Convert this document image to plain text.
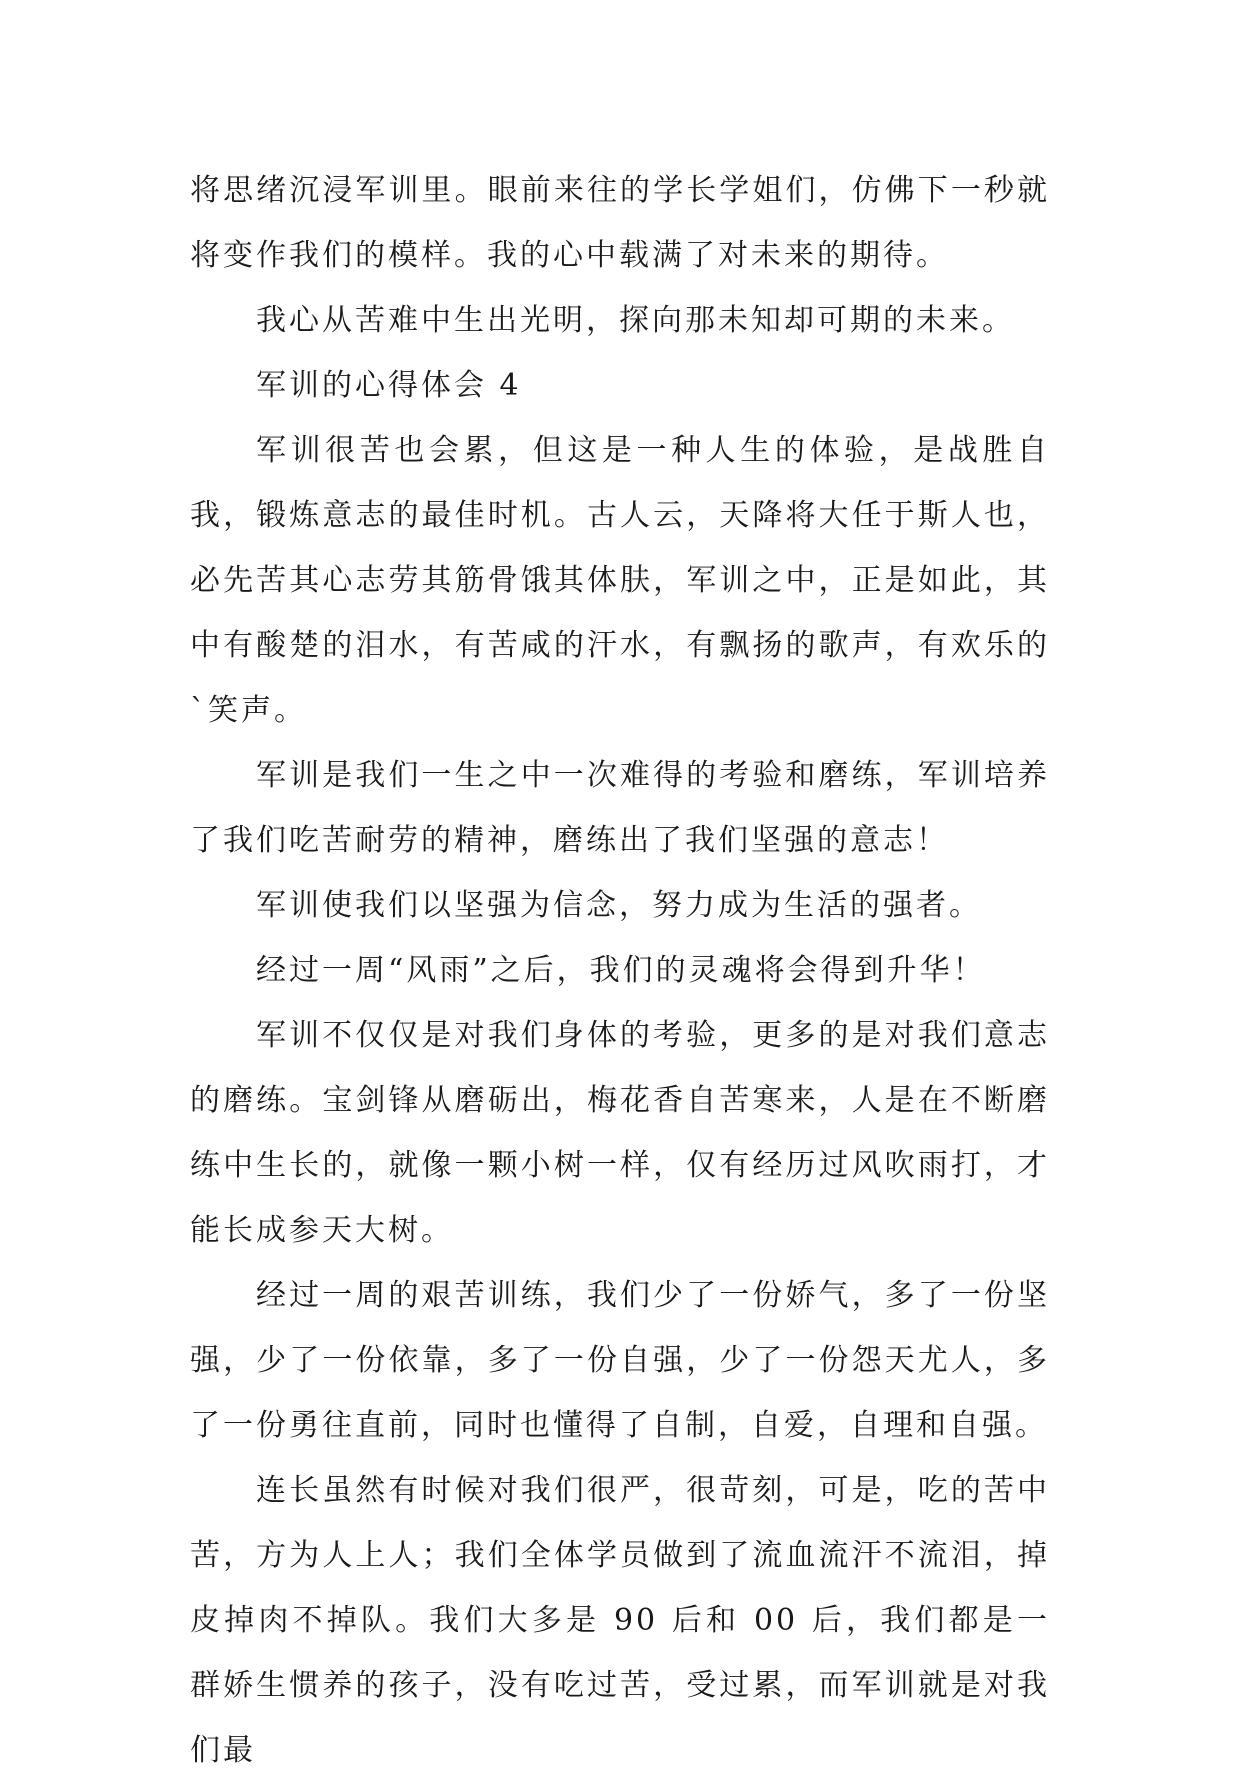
将思绪沉浸军训里。眼前来往的学长学姐们，仿佛下一秒就将变作我们的模样。我的心中载满了对未来的期待。

我心从苦难中生出光明，探向那未知却可期的未来。

军训的心得体会 4

军训很苦也会累，但这是一种人生的体验，是战胜自我，锻炼意志的最佳时机。古人云，天降将大任于斯人也，必先苦其心志劳其筋骨饿其体肤，军训之中，正是如此，其中有酸楚的泪水，有苦咸的汗水，有飘扬的歌声，有欢乐的`笑声。

军训是我们一生之中一次难得的考验和磨练，军训培养了我们吃苦耐劳的精神，磨练出了我们坚强的意志！

军训使我们以坚强为信念，努力成为生活的强者。

经过一周“风雨”之后，我们的灵魂将会得到升华！

军训不仅仅是对我们身体的考验，更多的是对我们意志的磨练。宝剑锋从磨砺出，梅花香自苦寒来，人是在不断磨练中生长的，就像一颗小树一样，仅有经历过风吹雨打，才能长成参天大树。

经过一周的艰苦训练，我们少了一份娇气，多了一份坚强，少了一份依靠，多了一份自强，少了一份怨天尤人，多了一份勇往直前，同时也懂得了自制，自爱，自理和自强。

连长虽然有时候对我们很严，很苛刻，可是，吃的苦中苦，方为人上人；我们全体学员做到了流血流汗不流泪，掉皮掉肉不掉队。我们大多是 90 后和 00 后，我们都是一群娇生惯养的孩子，没有吃过苦，受过累，而军训就是对我们最
